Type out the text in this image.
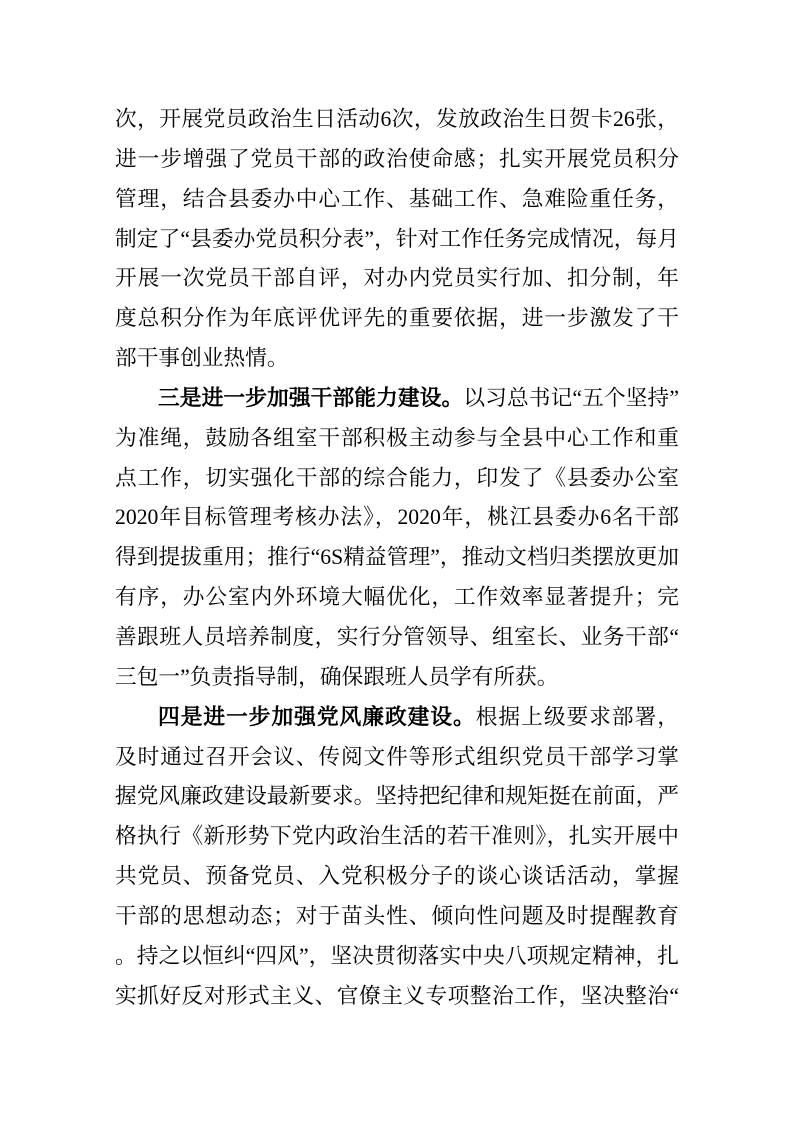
次，开展党员政治生日活动6次，发放政治生日贺卡26张，
进一步增强了党员干部的政治使命感；扎实开展党员积分
管理，结合县委办中心工作、基础工作、急难险重任务，
制定了“县委办党员积分表”，针对工作任务完成情况，每月
开展一次党员干部自评，对办内党员实行加、扣分制，年
度总积分作为年底评优评先的重要依据，进一步激发了干
部干事创业热情。
三是进一步加强干部能力建设。以习总书记“五个坚持”
为准绳，鼓励各组室干部积极主动参与全县中心工作和重
点工作，切实强化干部的综合能力，印发了《县委办公室
2020年目标管理考核办法》，2020年，桃江县委办6名干部
得到提拔重用；推行“6S精益管理”，推动文档归类摆放更加
有序，办公室内外环境大幅优化，工作效率显著提升；完
善跟班人员培养制度，实行分管领导、组室长、业务干部“
三包一”负责指导制，确保跟班人员学有所获。
四是进一步加强党风廉政建设。根据上级要求部署，
及时通过召开会议、传阅文件等形式组织党员干部学习掌
握党风廉政建设最新要求。坚持把纪律和规矩挺在前面，严
格执行《新形势下党内政治生活的若干准则》，扎实开展中
共党员、预备党员、入党积极分子的谈心谈话活动，掌握
干部的思想动态；对于苗头性、倾向性问题及时提醒教育
。持之以恒纠“四风”，坚决贯彻落实中央八项规定精神，扎
实抓好反对形式主义、官僚主义专项整治工作，坚决整治“
